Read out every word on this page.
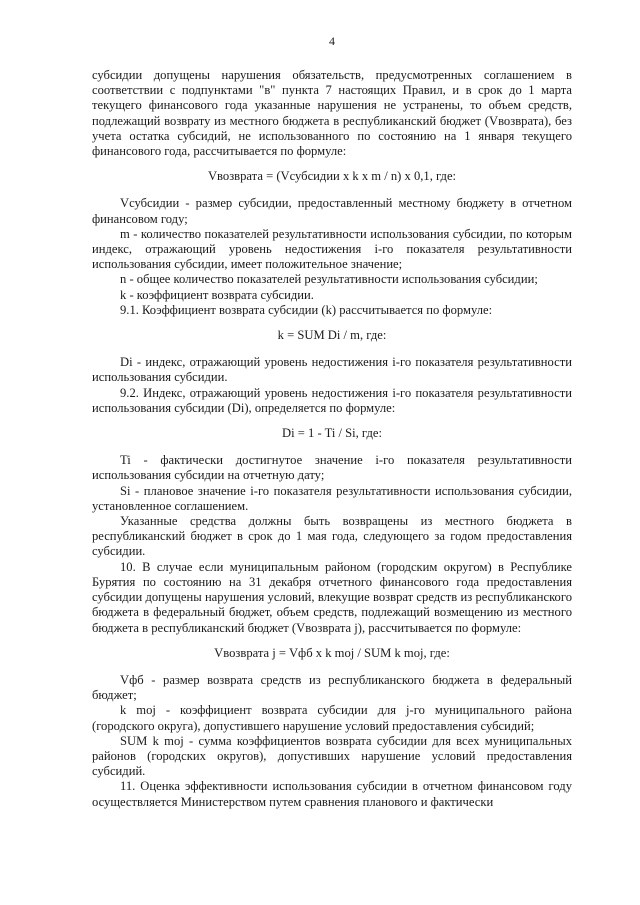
4
субсидии допущены нарушения обязательств, предусмотренных соглашением в соответствии с подпунктами "в" пункта 7 настоящих Правил, и в срок до 1 марта текущего финансового года указанные нарушения не устранены, то объем средств, подлежащий возврату из местного бюджета в республиканский бюджет (Vвозврата), без учета остатка субсидий, не использованного по состоянию на 1 января текущего финансового года, рассчитывается по формуле:
Vвозврата = (Vсубсидии x k x m / n) x 0,1, где:
Vсубсидии - размер субсидии, предоставленный местному бюджету в отчетном финансовом году;
m - количество показателей результативности использования субсидии, по которым индекс, отражающий уровень недостижения i-го показателя результативности использования субсидии, имеет положительное значение;
n - общее количество показателей результативности использования субсидии;
k - коэффициент возврата субсидии.
9.1. Коэффициент возврата субсидии (k) рассчитывается по формуле:
k = SUM Di / m, где:
Di - индекс, отражающий уровень недостижения i-го показателя результативности использования субсидии.
9.2. Индекс, отражающий уровень недостижения i-го показателя результативности использования субсидии (Di), определяется по формуле:
Di = 1 - Ti / Si, где:
Ti - фактически достигнутое значение i-го показателя результативности использования субсидии на отчетную дату;
Si - плановое значение i-го показателя результативности использования субсидии, установленное соглашением.
Указанные средства должны быть возвращены из местного бюджета в республиканский бюджет в срок до 1 мая года, следующего за годом предоставления субсидии.
10. В случае если муниципальным районом (городским округом) в Республике Бурятия по состоянию на 31 декабря отчетного финансового года предоставления субсидии допущены нарушения условий, влекущие возврат средств из республиканского бюджета в федеральный бюджет, объем средств, подлежащий возмещению из местного бюджета в республиканский бюджет (Vвозврата j), рассчитывается по формуле:
Vвозврата j = Vфб x k moj / SUM k moj, где:
Vфб - размер возврата средств из республиканского бюджета в федеральный бюджет;
k moj - коэффициент возврата субсидии для j-го муниципального района (городского округа), допустившего нарушение условий предоставления субсидий;
SUM k moj - сумма коэффициентов возврата субсидии для всех муниципальных районов (городских округов), допустивших нарушение условий предоставления субсидий.
11. Оценка эффективности использования субсидии в отчетном финансовом году осуществляется Министерством путем сравнения планового и фактически
